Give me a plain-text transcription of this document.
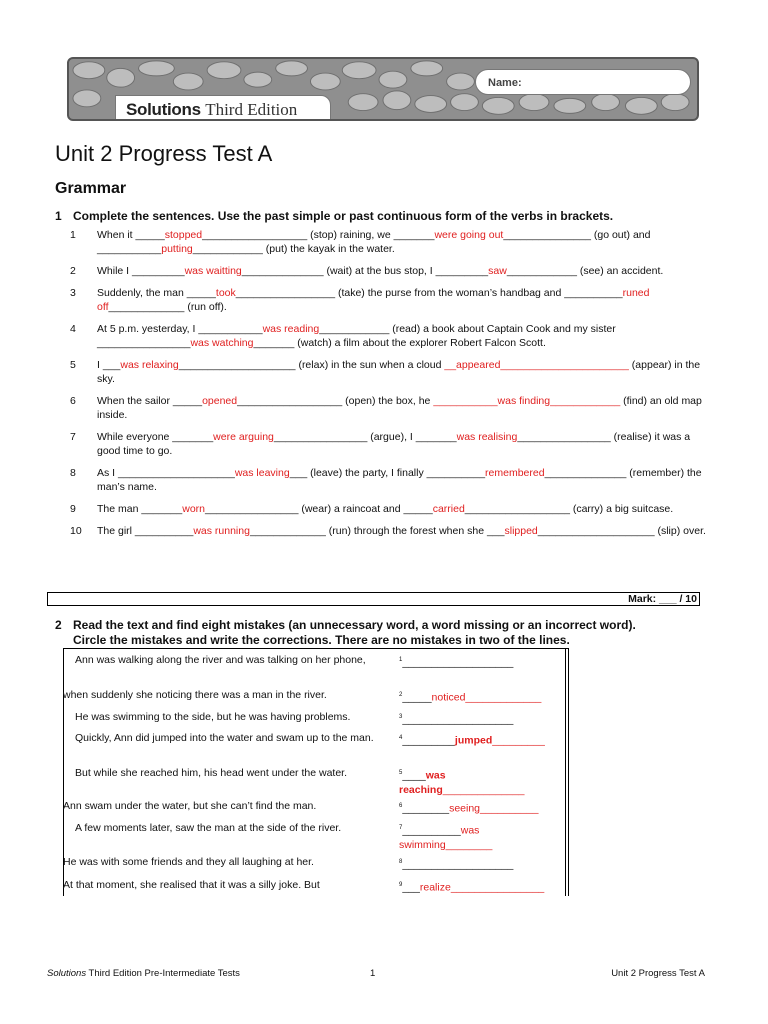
Name:
Solutions Third Edition
Unit 2 Progress Test A
Grammar
1 Complete the sentences. Use the past simple or past continuous form of the verbs in brackets.
1	When it _____stopped__________________ (stop) raining, we _______were going out_______________ (go out) and ___________putting____________ (put) the kayak in the water.
2	While I _________was waitting______________ (wait) at the bus stop, I _________saw____________ (see) an accident.
3	Suddenly, the man _____took_________________ (take) the purse from the woman’s handbag and __________runed off_____________ (run off).
4	At 5 p.m. yesterday, I ___________was reading____________ (read) a book about Captain Cook and my sister ________________was watching_______ (watch) a film about the explorer Robert Falcon Scott.
5	I ___was relaxing____________________ (relax) in the sun when a cloud __appeared______________________ (appear) in the sky.
6	When the sailor _____opened__________________ (open) the box, he ___________was finding____________ (find) an old map inside.
7	While everyone _______were arguing________________ (argue), I _______was realising________________ (realise) it was a good time to go.
8	As I ____________________was leaving___ (leave) the party, I finally __________remembered______________ (remember) the man’s name.
9	The man _______worn________________ (wear) a raincoat and _____carried__________________ (carry) a big suitcase.
10	The girl __________was running_____________ (run) through the forest when she ___slipped____________________ (slip) over.
Mark: ___ / 10
2 Read the text and find eight mistakes (an unnecessary word, a word missing or an incorrect word).
Circle the mistakes and write the corrections. There are no mistakes in two of the lines.
Ann was walking along the river and was talking on her phone,	$^1$___________________
when suddenly she noticing there was a man in the river.	$^2$_____noticed_____________
He was swimming to the side, but he was having problems.	$^3$___________________
Quickly, Ann did jumped into the water and swam up to the man.	$^4$_________jumped_________
But while she reached him, his head went under the water.	$^5$____was reaching______________
Ann swam under the water, but she can’t find the man.	$^6$________seeing__________
A few moments later, saw the man at the side of the river.	$^7$__________was swimming________
He was with some friends and they all laughing at her.	$^8$___________________
At that moment, she realised that it was a silly joke. But	$^9$___realize________________
Solutions Third Edition Pre-Intermediate Tests	1	Unit 2 Progress Test A
